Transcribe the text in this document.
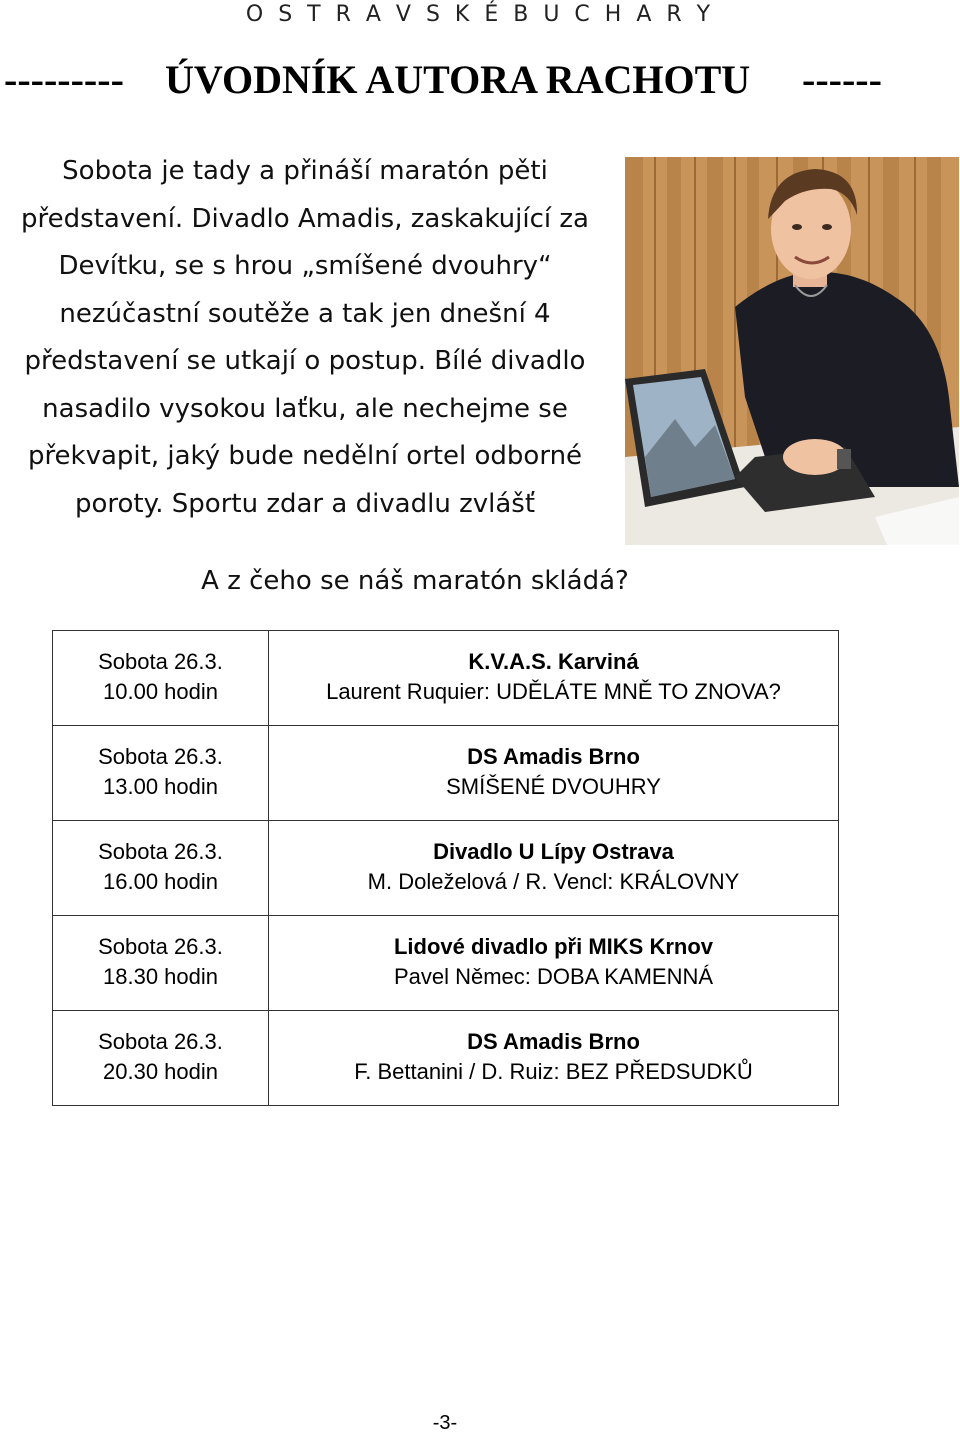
O S T R A V S K É B U C H A R Y
--------- ÚVODNÍK AUTORA RACHOTU ------
Sobota je tady a přináší maratón pěti
představení. Divadlo Amadis, zaskakující za
Devítku, se s hrou „smíšené dvouhry“
nezúčastní soutěže a tak jen dnešní 4
představení se utkají o postup. Bílé divadlo
nasadilo vysokou laťku, ale nechejme se
překvapit, jaký bude nedělní ortel odborné
poroty. Sportu zdar a divadlu zvlášť
A z čeho se náš maratón skládá?
Sobota 26.3.
10.00 hodin	K.V.A.S. Karviná
Laurent Ruquier: UDĚLÁTE MNĚ TO ZNOVA?

Sobota 26.3.
13.00 hodin	DS Amadis Brno
SMÍŠENÉ DVOUHRY

Sobota 26.3.
16.00 hodin	Divadlo U Lípy Ostrava
M. Doleželová / R. Vencl: KRÁLOVNY

Sobota 26.3.
18.30 hodin	Lidové divadlo při MIKS Krnov
Pavel Němec: DOBA KAMENNÁ

Sobota 26.3.
20.30 hodin	DS Amadis Brno
F. Bettanini / D. Ruiz: BEZ PŘEDSUDKŮ
-3-
